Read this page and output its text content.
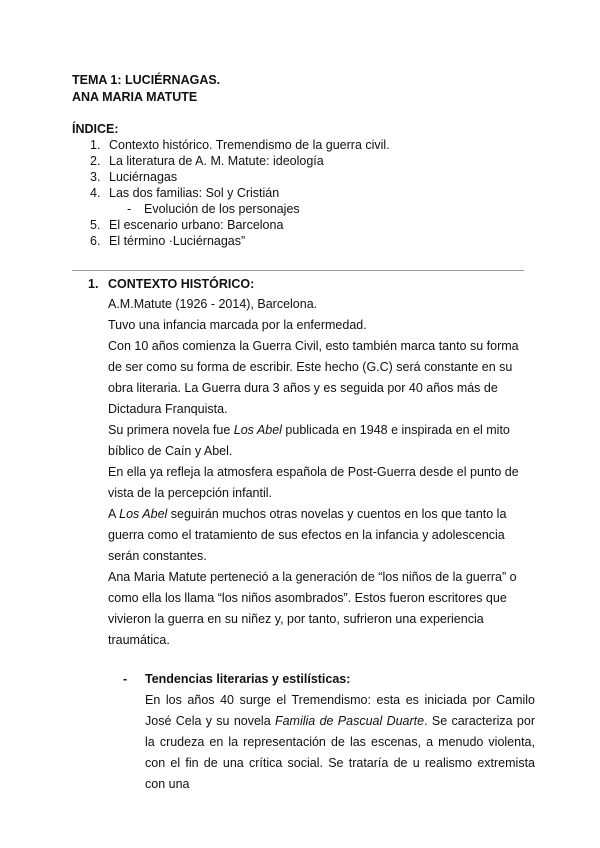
TEMA 1: LUCIÉRNAGAS.
ANA MARIA MATUTE
ÍNDICE:
1. Contexto histórico. Tremendismo de la guerra civil.
2. La literatura de A. M. Matute: ideología
3. Luciérnagas
4. Las dos familias: Sol y Cristián
- Evolución de los personajes
5. El escenario urbano: Barcelona
6. El término ·Luciérnagas”
1. CONTEXTO HISTÓRICO:

A.M.Matute (1926 - 2014), Barcelona.

Tuvo una infancia marcada por la enfermedad.

Con 10 años comienza la Guerra Civil, esto también marca tanto su forma de ser como su forma de escribir. Este hecho (G.C) será constante en su obra literaria. La Guerra dura 3 años y es seguida por 40 años más de Dictadura Franquista.

Su primera novela fue Los Abel publicada en 1948 e inspirada en el mito bíblico de Caín y Abel.

En ella ya refleja la atmosfera española de Post-Guerra desde el punto de vista de la percepción infantil.

A Los Abel seguirán muchos otras novelas y cuentos en los que tanto la guerra como el tratamiento de sus efectos en la infancia y adolescencia serán constantes.

Ana Maria Matute perteneció a la generación de “los niños de la guerra” o como ella los llama “los niños asombrados”. Estos fueron escritores que vivieron la guerra en su niñez y, por tanto, sufrieron una experiencia traumática.

- Tendencias literarias y estilísticas:

En los años 40 surge el Tremendismo: esta es iniciada por Camilo José Cela y su novela Familia de Pascual Duarte. Se caracteriza por la crudeza en la representación de las escenas, a menudo violenta, con el fin de una crítica social. Se trataría de u realismo extremista con una
